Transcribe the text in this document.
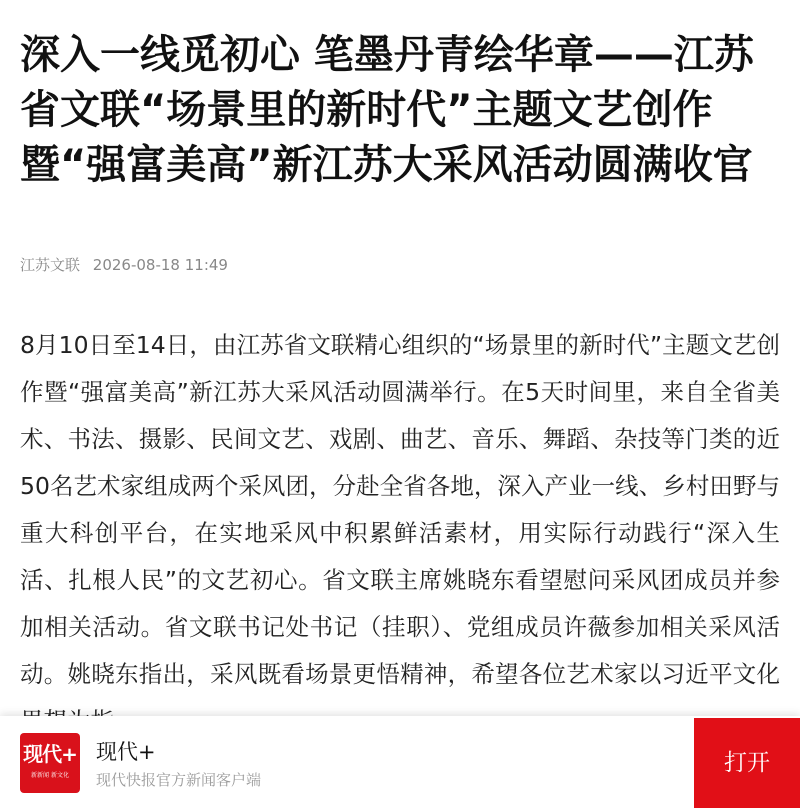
深入一线觅初心 笔墨丹青绘华章——江苏省文联“场景里的新时代”主题文艺创作暨“强富美高”新江苏大采风活动圆满收官
江苏文联 2026-08-18 11:49

8月10日至14日，由江苏省文联精心组织的“场景里的新时代”主题文艺创作暨“强富美高”新江苏大采风活动圆满举行。在5天时间里，来自全省美术、书法、摄影、民间文艺、戏剧、曲艺、音乐、舞蹈、杂技等门类的近50名艺术家组成两个采风团，分赴全省各地，深入产业一线、乡村田野与重大科创平台，在实地采风中积累鲜活素材，用实际行动践行“深入生活、扎根人民”的文艺初心。省文联主席姚晓东看望慰问采风团成员并参加相关活动。省文联书记处书记（挂职）、党组成员许薇参加相关采风活动。姚晓东指出，采风既看场景更悟精神，希望各位艺术家以习近平文化

现代+
新新闻 新文化
现代+
现代快报官方新闻客户端
打开
